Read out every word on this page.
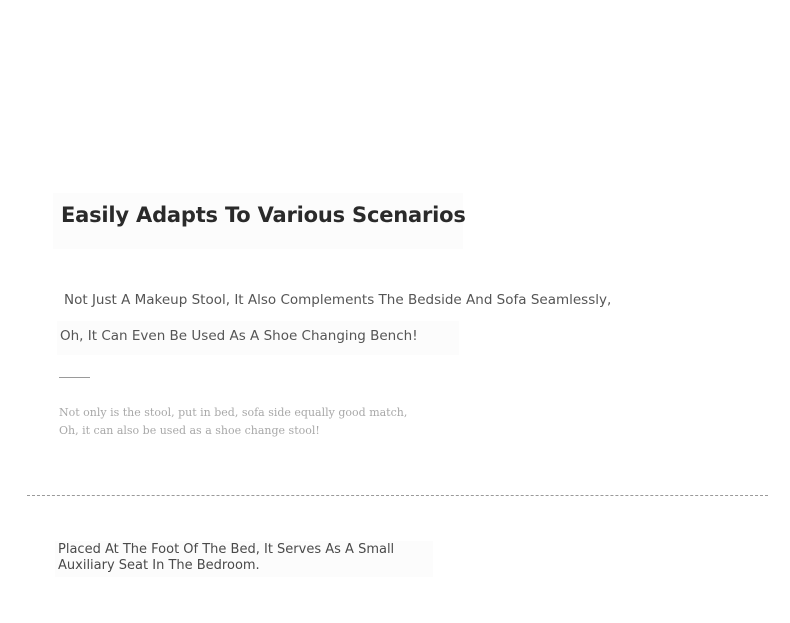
Easily Adapts To Various Scenarios

Not Just A Makeup Stool, It Also Complements The Bedside And Sofa Seamlessly,

Oh, It Can Even Be Used As A Shoe Changing Bench!

Not only is the stool, put in bed, sofa side equally good match,
Oh, it can also be used as a shoe change stool!

Placed At The Foot Of The Bed, It Serves As A Small
Auxiliary Seat In The Bedroom.
